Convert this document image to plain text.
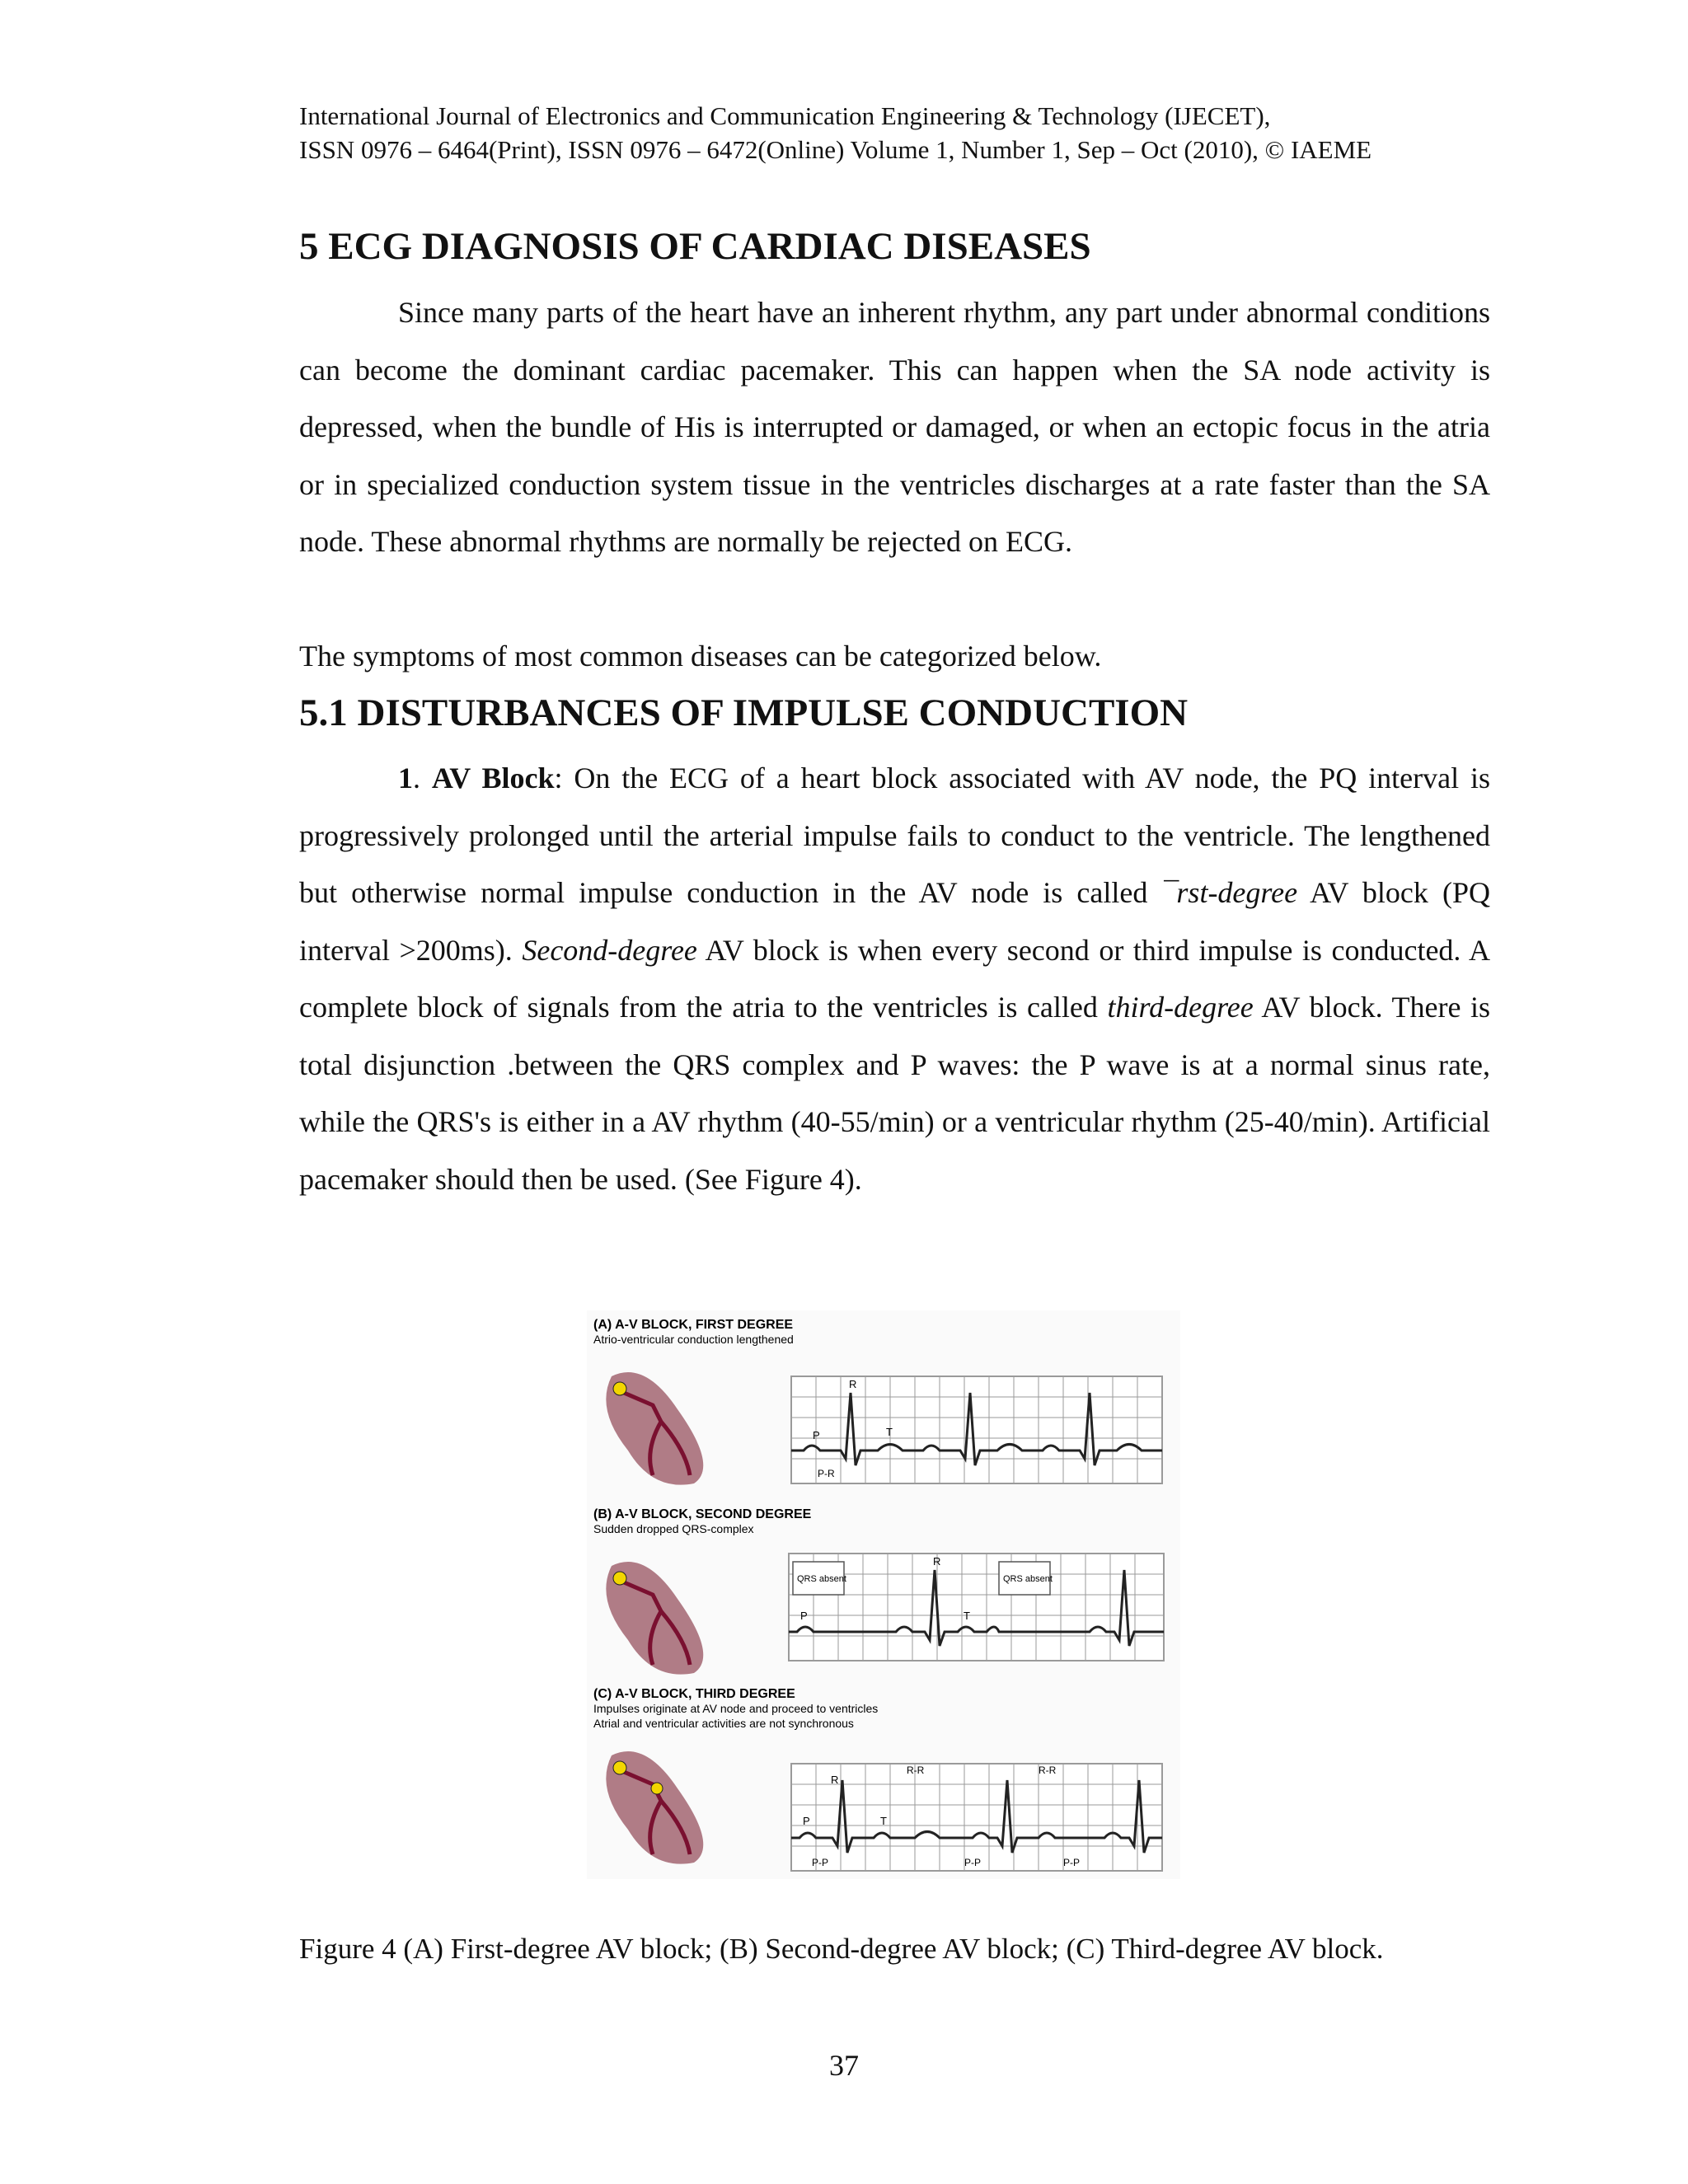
International Journal of Electronics and Communication Engineering & Technology (IJECET),
ISSN 0976 – 6464(Print), ISSN 0976 – 6472(Online) Volume 1, Number 1, Sep – Oct (2010), © IAEME
5 ECG DIAGNOSIS OF CARDIAC DISEASES

Since many parts of the heart have an inherent rhythm, any part under abnormal conditions can become the dominant cardiac pacemaker. This can happen when the SA node activity is depressed, when the bundle of His is interrupted or damaged, or when an ectopic focus in the atria or in specialized conduction system tissue in the ventricles discharges at a rate faster than the SA node. These abnormal rhythms are normally be rejected on ECG.

The symptoms of most common diseases can be categorized below.

5.1 DISTURBANCES OF IMPULSE CONDUCTION

1. AV Block: On the ECG of a heart block associated with AV node, the PQ interval is progressively prolonged until the arterial impulse fails to conduct to the ventricle. The lengthened but otherwise normal impulse conduction in the AV node is called ¯rst-degree AV block (PQ interval >200ms). Second-degree AV block is when every second or third impulse is conducted. A complete block of signals from the atria to the ventricles is called third-degree AV block. There is total disjunction .between the QRS complex and P waves: the P wave is at a normal sinus rate, while the QRS's is either in a AV rhythm (40-55/min) or a ventricular rhythm (25-40/min). Artificial pacemaker should then be used. (See Figure 4).

(A) A-V BLOCK, FIRST DEGREE
Atrio-ventricular conduction lengthened
P
R
T
P-R
(B) A-V BLOCK, SECOND DEGREE
Sudden dropped QRS-complex
QRS absent	QRS absent
P
R
T
(C) A-V BLOCK, THIRD DEGREE
Impulses originate at AV node and proceed to ventricles
Atrial and ventricular activities are not synchronous
P
R
T
R-R	R-R
P-P	P-P	P-P

Figure 4 (A) First-degree AV block; (B) Second-degree AV block; (C) Third-degree AV block.

37
